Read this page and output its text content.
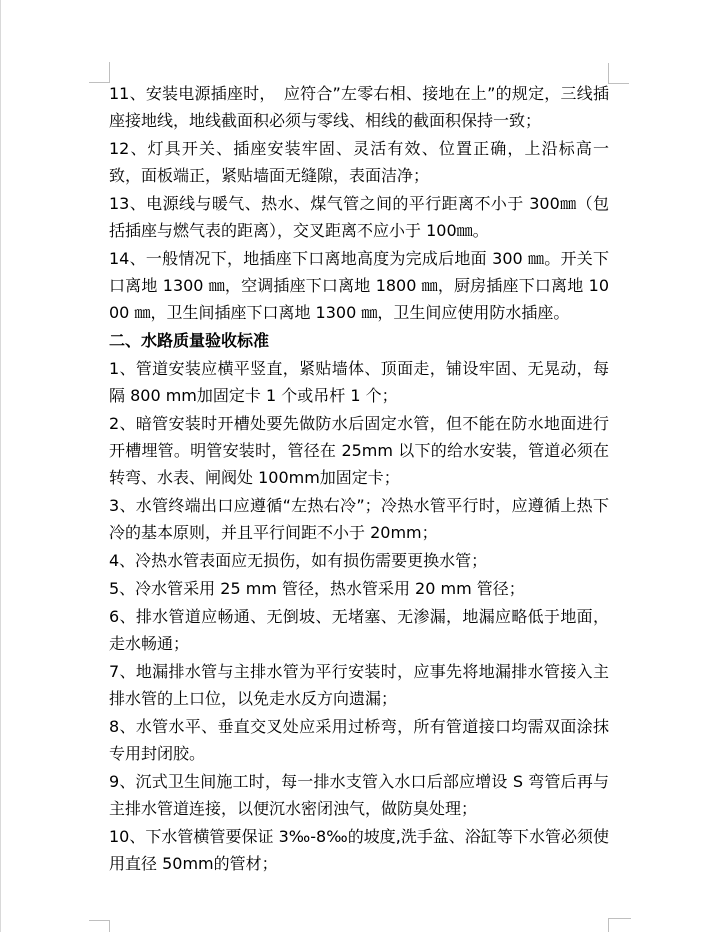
11、安装电源插座时，　应符合”左零右相、接地在上”的规定，三线插座接地线，地线截面积必须与零线、相线的截面积保持一致；

12、灯具开关、插座安装牢固、灵活有效、位置正确，上沿标高一致，面板端正，紧贴墙面无缝隙，表面洁净；

13、电源线与暖气、热水、煤气管之间的平行距离不小于 300㎜（包括插座与燃气表的距离），交叉距离不应小于 100㎜。

14、一般情况下，地插座下口离地高度为完成后地面 300 ㎜。开关下口离地 1300 ㎜，空调插座下口离地 1800 ㎜，厨房插座下口离地 1000 ㎜，卫生间插座下口离地 1300 ㎜，卫生间应使用防水插座。

二、水路质量验收标准

1、管道安装应横平竖直，紧贴墙体、顶面走，铺设牢固、无晃动，每隔 800 mm加固定卡 1 个或吊杆 1 个；

2、暗管安装时开槽处要先做防水后固定水管，但不能在防水地面进行开槽埋管。明管安装时，管径在 25mm 以下的给水安装，管道必须在转弯、水表、闸阀处 100mm加固定卡；

3、水管终端出口应遵循“左热右冷”；冷热水管平行时，应遵循上热下冷的基本原则，并且平行间距不小于 20mm；

4、冷热水管表面应无损伤，如有损伤需要更换水管；

5、冷水管采用 25 mm 管径，热水管采用 20 mm 管径；

6、排水管道应畅通、无倒坡、无堵塞、无渗漏，地漏应略低于地面，走水畅通；

7、地漏排水管与主排水管为平行安装时，应事先将地漏排水管接入主排水管的上口位，以免走水反方向遗漏；

8、水管水平、垂直交叉处应采用过桥弯，所有管道接口均需双面涂抹专用封闭胶。

9、沉式卫生间施工时，每一排水支管入水口后部应增设 S 弯管后再与主排水管道连接，以便沉水密闭浊气，做防臭处理；

10、下水管横管要保证 3‰-8‰的坡度,洗手盆、浴缸等下水管必须使用直径 50mm的管材；
